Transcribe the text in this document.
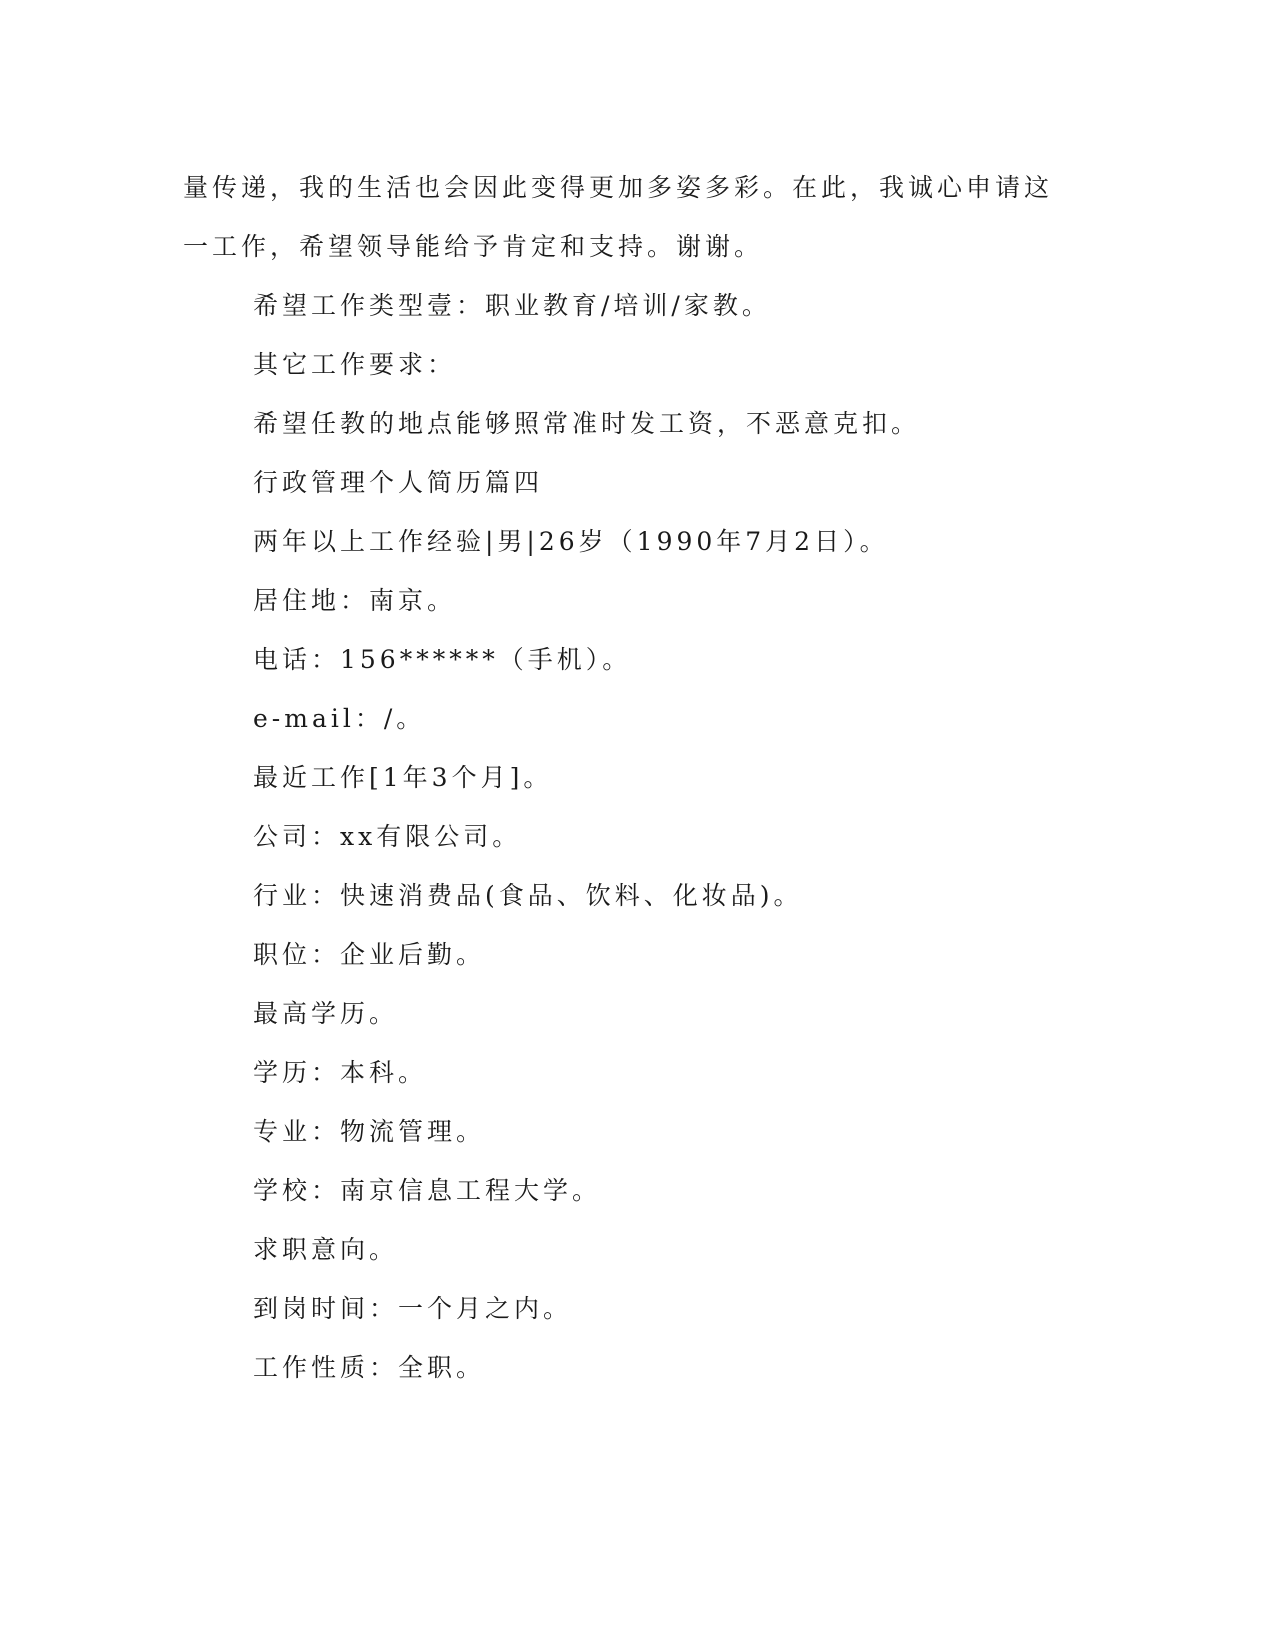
量传递，我的生活也会因此变得更加多姿多彩。在此，我诚心申请这
一工作，希望领导能给予肯定和支持。谢谢。
希望工作类型壹：职业教育/培训/家教。
其它工作要求：
希望任教的地点能够照常准时发工资，不恶意克扣。
行政管理个人简历篇四
两年以上工作经验|男|26岁（1990年7月2日）。
居住地：南京。
电话：156******（手机）。
e-mail：/。
最近工作[1年3个月]。
公司：xx有限公司。
行业：快速消费品(食品、饮料、化妆品)。
职位：企业后勤。
最高学历。
学历：本科。
专业：物流管理。
学校：南京信息工程大学。
求职意向。
到岗时间：一个月之内。
工作性质：全职。
